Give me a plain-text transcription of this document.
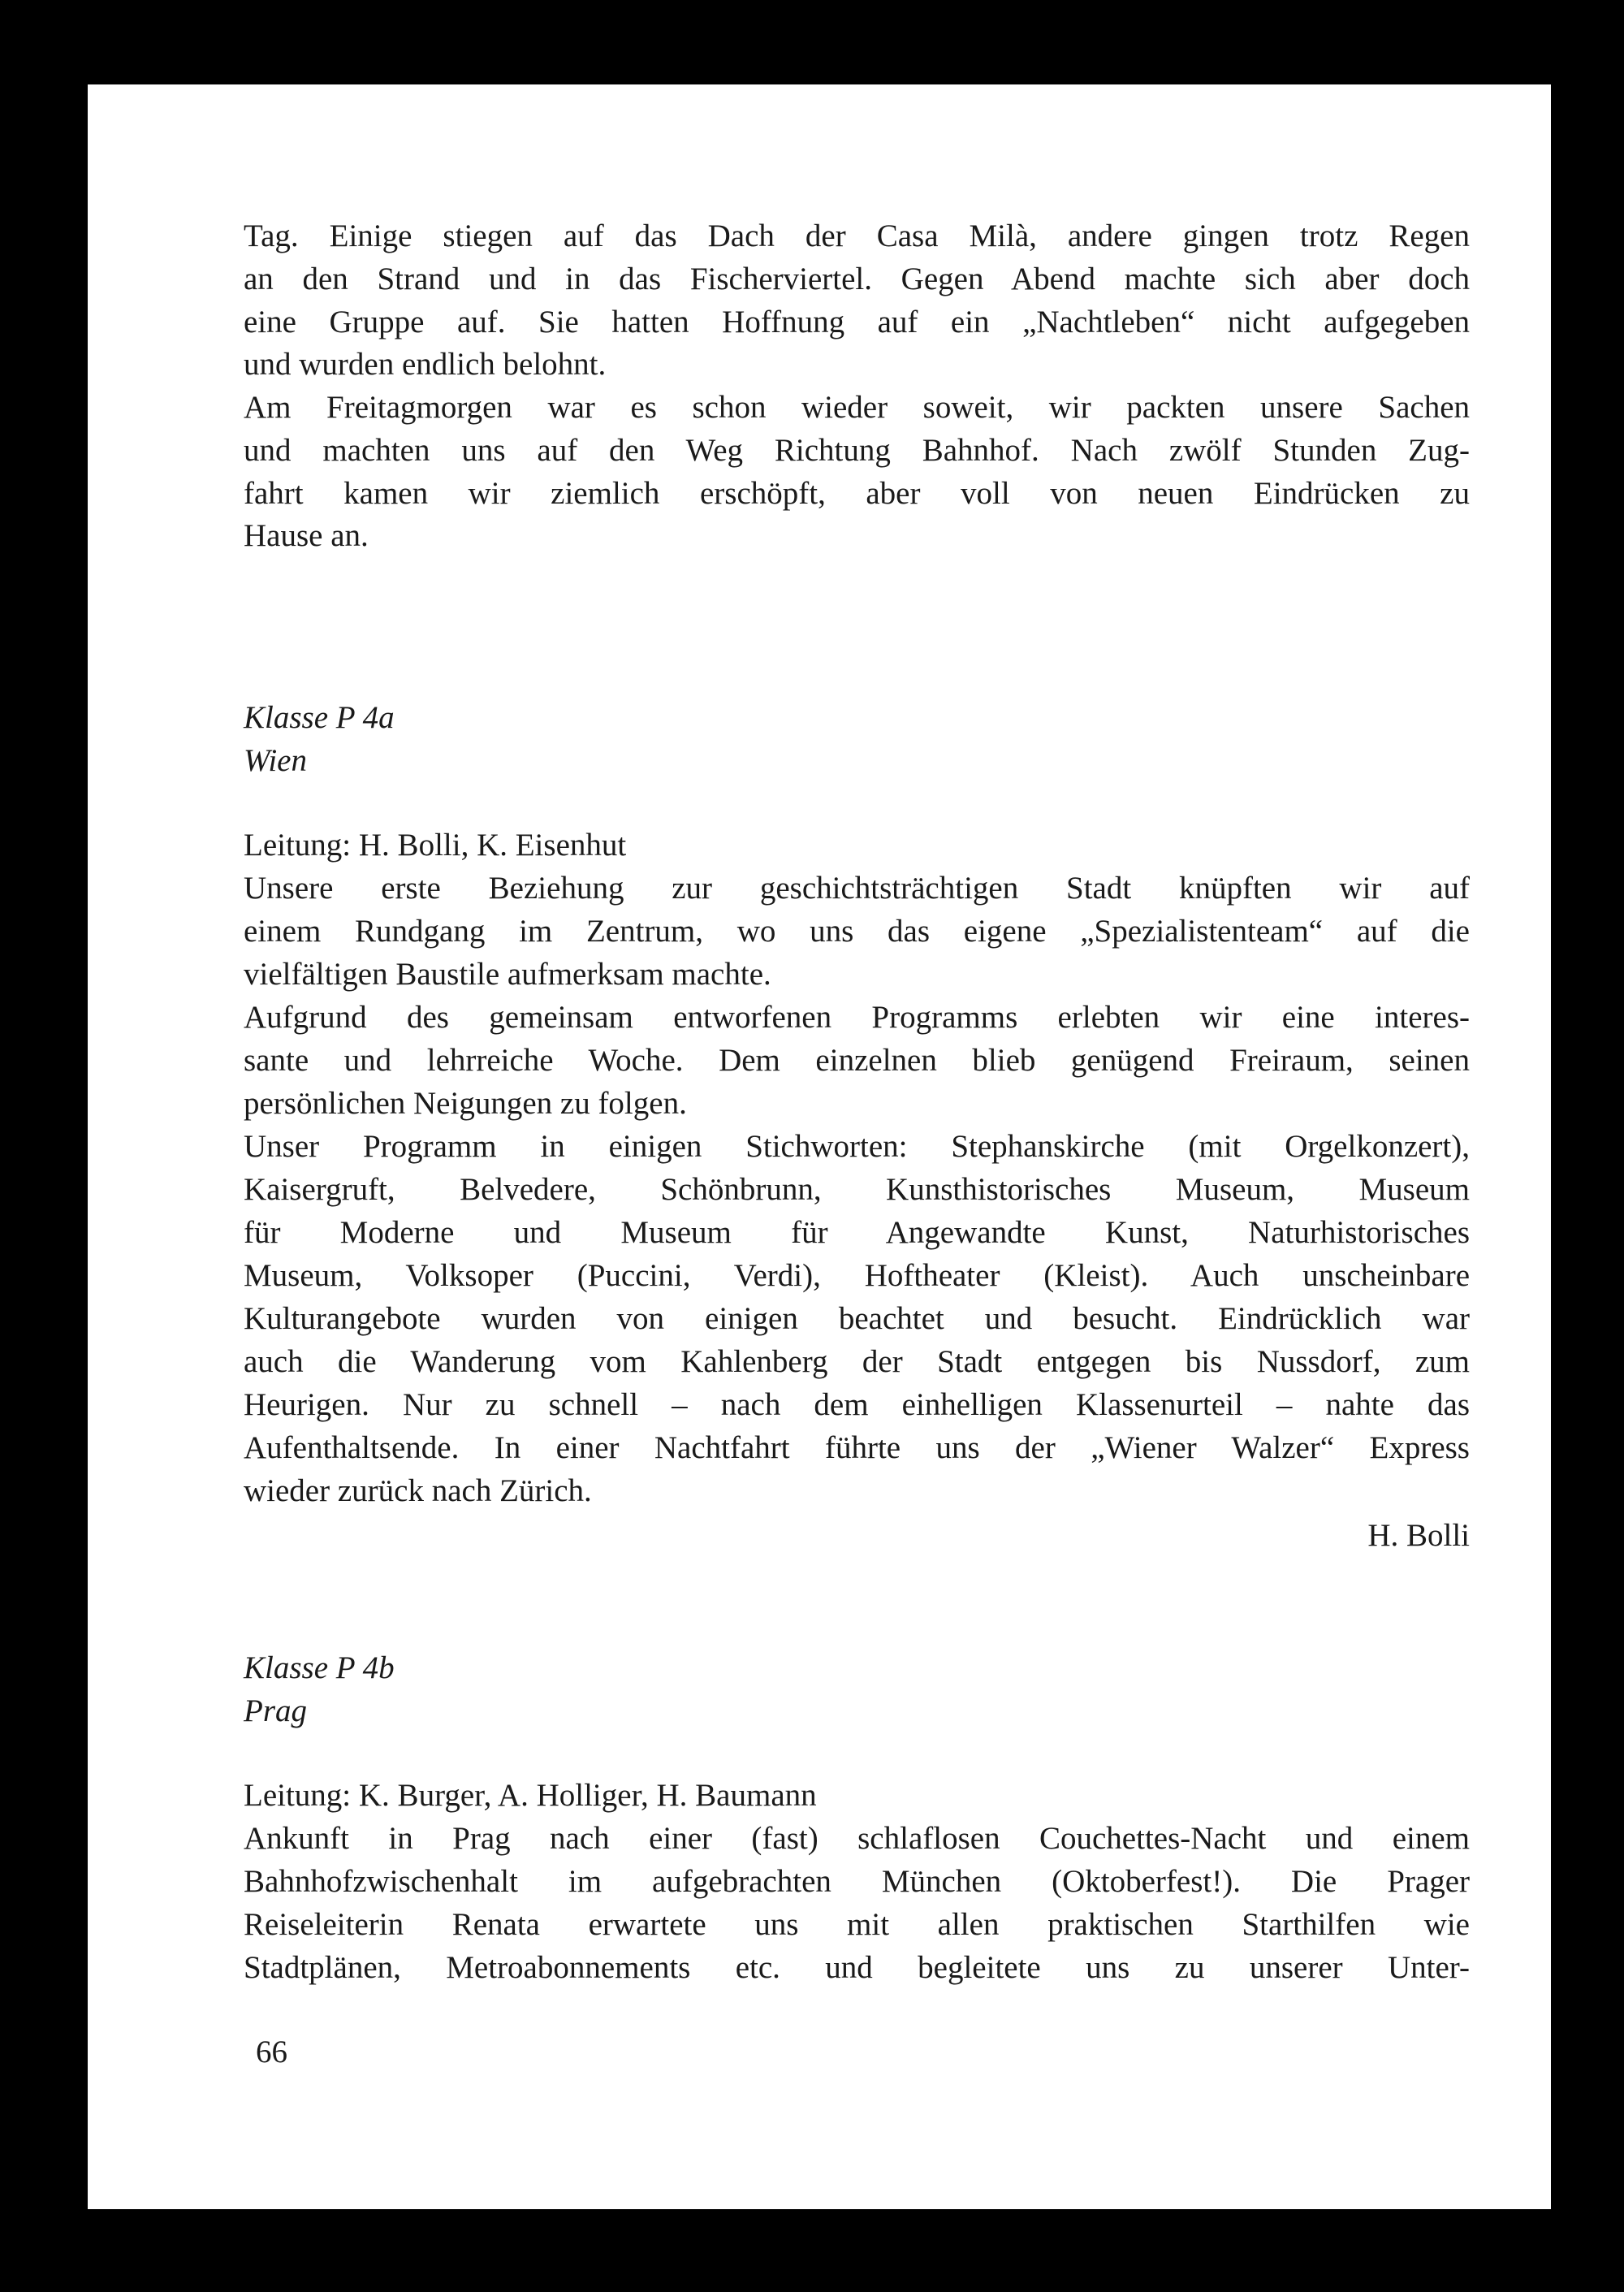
Tag. Einige stiegen auf das Dach der Casa Milà, andere gingen trotz Regen
an den Strand und in das Fischerviertel. Gegen Abend machte sich aber doch
eine Gruppe auf. Sie hatten Hoffnung auf ein „Nachtleben“ nicht aufgegeben
und wurden endlich belohnt.
Am Freitagmorgen war es schon wieder soweit, wir packten unsere Sachen
und machten uns auf den Weg Richtung Bahnhof. Nach zwölf Stunden Zug-
fahrt kamen wir ziemlich erschöpft, aber voll von neuen Eindrücken zu
Hause an.
Klasse P 4a
Wien
Leitung: H. Bolli, K. Eisenhut
Unsere erste Beziehung zur geschichtsträchtigen Stadt knüpften wir auf
einem Rundgang im Zentrum, wo uns das eigene „Spezialistenteam“ auf die
vielfältigen Baustile aufmerksam machte.
Aufgrund des gemeinsam entworfenen Programms erlebten wir eine interes-
sante und lehrreiche Woche. Dem einzelnen blieb genügend Freiraum, seinen
persönlichen Neigungen zu folgen.
Unser Programm in einigen Stichworten: Stephanskirche (mit Orgelkonzert),
Kaisergruft, Belvedere, Schönbrunn, Kunsthistorisches Museum, Museum
für Moderne und Museum für Angewandte Kunst, Naturhistorisches
Museum, Volksoper (Puccini, Verdi), Hoftheater (Kleist). Auch unscheinbare
Kulturangebote wurden von einigen beachtet und besucht. Eindrücklich war
auch die Wanderung vom Kahlenberg der Stadt entgegen bis Nussdorf, zum
Heurigen. Nur zu schnell – nach dem einhelligen Klassenurteil – nahte das
Aufenthaltsende. In einer Nachtfahrt führte uns der „Wiener Walzer“ Express
wieder zurück nach Zürich.
H. Bolli
Klasse P 4b
Prag
Leitung: K. Burger, A. Holliger, H. Baumann
Ankunft in Prag nach einer (fast) schlaflosen Couchettes-Nacht und einem
Bahnhofzwischenhalt im aufgebrachten München (Oktoberfest!). Die Prager
Reiseleiterin Renata erwartete uns mit allen praktischen Starthilfen wie
Stadtplänen, Metroabonnements etc. und begleitete uns zu unserer Unter-
66
